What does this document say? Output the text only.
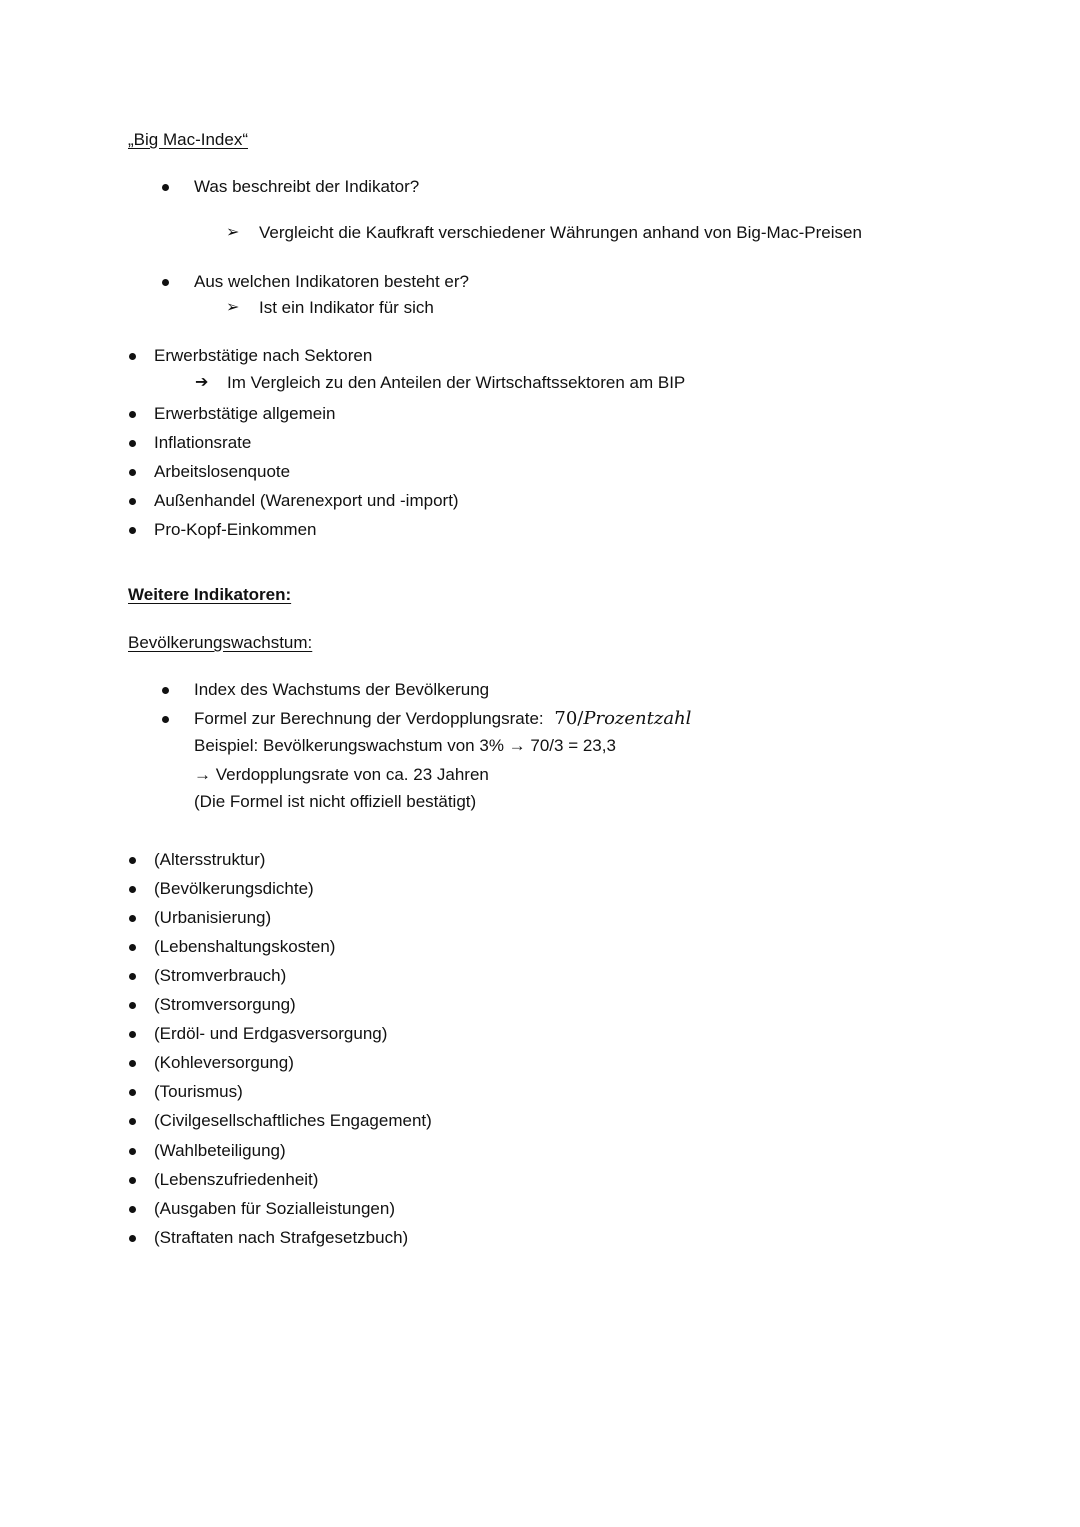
„Big Mac-Index“
Was beschreibt der Indikator?
➢ Vergleicht die Kaufkraft verschiedener Währungen anhand von Big-Mac-Preisen
Aus welchen Indikatoren besteht er?
➢ Ist ein Indikator für sich
Erwerbstätige nach Sektoren
➔ Im Vergleich zu den Anteilen der Wirtschaftssektoren am BIP
Erwerbstätige allgemein
Inflationsrate
Arbeitslosenquote
Außenhandel (Warenexport und -import)
Pro-Kopf-Einkommen
Weitere Indikatoren:
Bevölkerungswachstum:
Index des Wachstums der Bevölkerung
Formel zur Berechnung der Verdopplungsrate: 70/Prozentzahl
Beispiel: Bevölkerungswachstum von 3% → 70/3 = 23,3
→ Verdopplungsrate von ca. 23 Jahren
(Die Formel ist nicht offiziell bestätigt)
(Altersstruktur)
(Bevölkerungsdichte)
(Urbanisierung)
(Lebenshaltungskosten)
(Stromverbrauch)
(Stromversorgung)
(Erdöl- und Erdgasversorgung)
(Kohleversorgung)
(Tourismus)
(Civilgesellschaftliches Engagement)
(Wahlbeteiligung)
(Lebenszufriedenheit)
(Ausgaben für Sozialleistungen)
(Straftaten nach Strafgesetzbuch)
